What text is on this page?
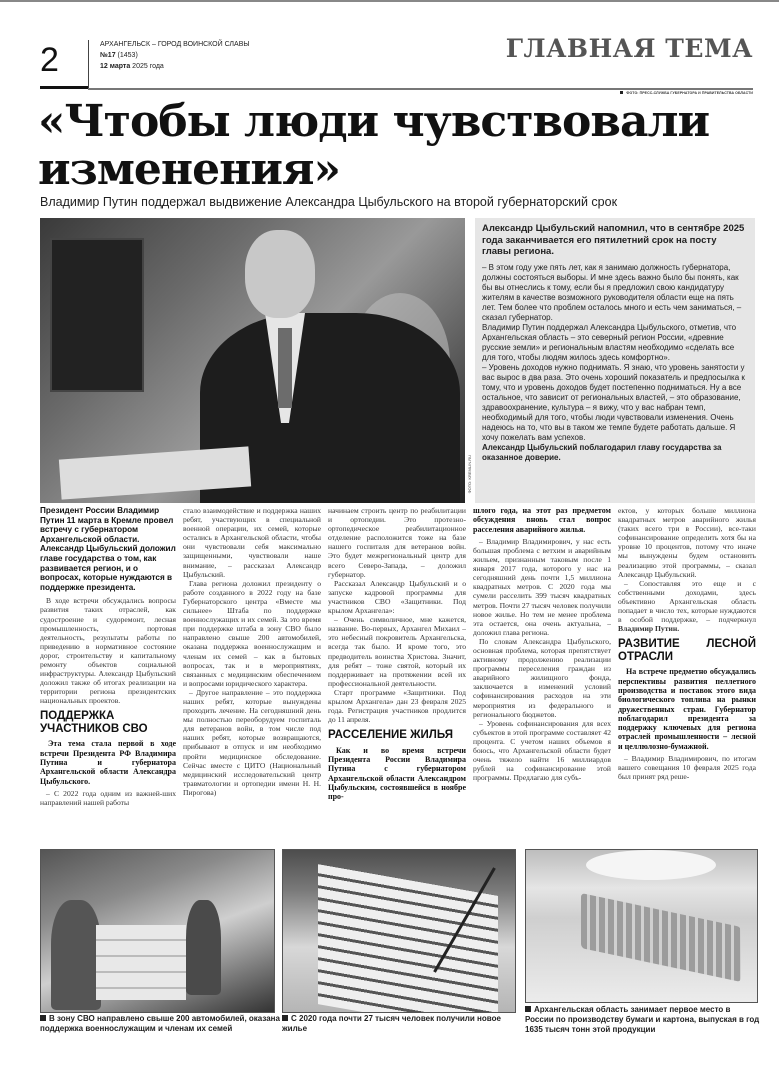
2	АРХАНГЕЛЬСК – ГОРОД ВОИНСКОЙ СЛАВЫ
№17 (1453)
12 марта 2025 года
ГЛАВНАЯ ТЕМА
ФОТО: ПРЕСС-СЛУЖБА ГУБЕРНАТОРА И ПРАВИТЕЛЬСТВА ОБЛАСТИ
«Чтобы люди чувствовали изменения»
Владимир Путин поддержал выдвижение Александра Цыбульского на второй губернаторский срок
ФОТО: KREMLIN.RU

Александр Цыбульский напомнил, что в сентябре 2025 года заканчивается его пятилетний срок на посту главы региона.

– В этом году уже пять лет, как я занимаю должность губернатора, должны состояться выборы. И мне здесь важно было бы понять, как бы вы отнеслись к тому, если бы я предложил свою кандидатуру жителям в качестве возможного руководителя области еще на пять лет. Тем более что проблем осталось много и есть чем заниматься, – сказал губернатор.

Владимир Путин поддержал Александра Цыбульского, отметив, что Архангельская область – это северный регион России, «древние русские земли» и региональным властям необходимо «сделать все для того, чтобы людям жилось здесь комфортно».

– Уровень доходов нужно поднимать. Я знаю, что уровень занятости у вас вырос в два раза. Это очень хороший показатель и предпосылка к тому, что и уровень доходов будет постепенно подниматься. Ну а все остальное, что зависит от региональных властей, – это образование, здравоохранение, культура – я вижу, что у вас набран темп, необходимый для того, чтобы люди чувствовали изменения. Очень надеюсь на то, что вы в таком же темпе будете работать дальше. Я хочу пожелать вам успехов.

Александр Цыбульский поблагодарил главу государства за оказанное доверие.

Президент России Владимир Путин 11 марта в Кремле провел встречу с губернатором Архангельской области. Александр Цыбульский доложил главе государства о том, как развивается регион, и о вопросах, которые нуждаются в поддержке президента.

В ходе встречи обсуждались вопросы развития таких отраслей, как судостроение и судоремонт, лесная промышленность, портовая деятельность, результаты работы по приведению в нормативное состояние дорог, строительству и капитальному ремонту объектов социальной инфраструктуры. Александр Цыбульский доложил также об итогах реализации на территории региона президентских национальных проектов.

ПОДДЕРЖКА УЧАСТНИКОВ СВО

Эта тема стала первой в ходе встречи Президента РФ Владимира Путина и губернатора Архангельской области Александра Цыбульского.

– С 2022 года одним из важней-ших направлений нашей работы

стало взаимодействие и поддержка наших ребят, участвующих в специальной военной операции, их семей, которые остались в Архангельской области, чтобы они чувствовали себя максимально защищенными, чувствовали наше внимание, – рассказал Александр Цыбульский.

Глава региона доложил президенту о работе созданного в 2022 году на базе Губернаторского центра «Вместе мы сильнее» Штаба по поддержке военнослужащих и их семей. За это время при поддержке штаба в зону СВО было направлено свыше 200 автомобилей, оказана поддержка военнослужащим и членам их семей – как в бытовых вопросах, так и в мероприятиях, связанных с медицинским обеспечением и вопросами юридического характера.

– Другое направление – это поддержка наших ребят, которые вынуждены проходить лечение. На сегодняшний день мы полностью переоборудуем госпиталь для ветеранов войн, в том числе под наших ребят, которые возвращаются, прибывают в отпуск и им необходимо пройти медицинское обследование. Сейчас вместе с ЦИТО (Национальный медицинский исследовательский центр травматологии и ортопедии имени Н. Н. Пирогова)

начинаем строить центр по реабилитации и ортопедии. Это протезно-ортопедическое реабилитационное отделение расположится тоже на базе нашего госпиталя для ветеранов войн. Это будет межрегиональный центр для всего Северо-Запада, – доложил губернатор.

Рассказал Александр Цыбульский и о запуске кадровой программы для участников СВО «Защитники. Под крылом Архангела»:

– Очень символичное, мне кажется, название. Во-первых, Архангел Михаил – это небесный покровитель Архангельска, всегда так было. И кроме того, это предводитель воинства Христова. Значит, для ребят – тоже святой, который их поддерживает на протяжении всей их профессиональной деятельности.

Старт программе «Защитники. Под крылом Архангела» дан 23 февраля 2025 года. Регистрация участников продлится до 11 апреля.

РАССЕЛЕНИЕ ЖИЛЬЯ

Как и во время встречи Президента России Владимира Путина с губернатором Архангельской области Александром Цыбульским, состоявшейся в ноябре про-

шлого года, на этот раз предметом обсуждения вновь стал вопрос расселения аварийного жилья.

– Владимир Владимирович, у нас есть большая проблема с ветхим и аварийным жильем, признанным таковым после 1 января 2017 года, которого у нас на сегодняшний день почти 1,5 миллиона квадратных метров. С 2020 года мы сумели расселить 399 тысяч квадратных метров. Почти 27 тысяч человек получили новое жилье. Но тем не менее проблема эта остается, она очень актуальна, – доложил глава региона.

По словам Александра Цыбульского, основная проблема, которая препятствует активному продолжению реализации программы переселения граждан из аварийного жилищного фонда, заключается в изменений условий софинансирования расходов на эти мероприятия из федерального и регионального бюджетов.

– Уровень софинансирования для всех субъектов в этой программе составляет 42 процента. С учетом наших объемов я боюсь, что Архангельской области будет очень тяжело найти 16 миллиардов рублей на софинансирование этой программы. Предлагаю для субъ-

ектов, у которых больше миллиона квадратных метров аварийного жилья (таких всего три в России), все-таки софинансирование определить хотя бы на уровне 10 процентов, потому что иначе мы вынуждены будем остановить реализацию этой программы, – сказал Александр Цыбульский.

– Сопоставляя это еще и с собственными доходами, здесь объективно Архангельская область попадает в число тех, которые нуждаются в особой поддержке, – подчеркнул Владимир Путин.

РАЗВИТИЕ ЛЕСНОЙ ОТРАСЛИ

На встрече предметно обсуждались перспективы развития пеллетного производства и поставок этого вида биологического топлива на рынки дружественных стран. Губернатор поблагодарил президента за поддержку ключевых для региона отраслей промышленности – лесной и целлюлозно-бумажной.

– Владимир Владимирович, по итогам вашего совещания 10 февраля 2025 года был принят ряд реше-

В зону СВО направлено свыше 200 автомобилей, оказана поддержка военнослужащим и членам их семей
С 2020 года почти 27 тысяч человек получили новое жилье
Архангельская область занимает первое место в России по производству бумаги и картона, выпуская в год 1635 тысяч тонн этой продукции
